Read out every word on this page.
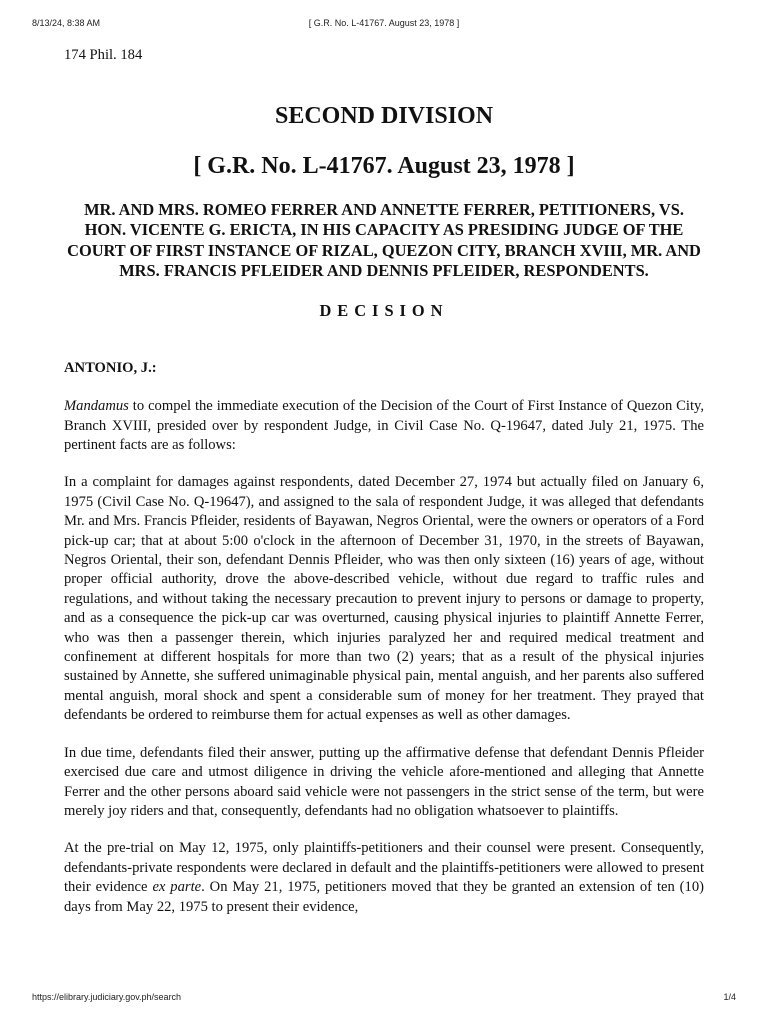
8/13/24, 8:38 AM	[ G.R. No. L-41767. August 23, 1978 ]

174 Phil. 184

SECOND DIVISION
[ G.R. No. L-41767. August 23, 1978 ]
MR. AND MRS. ROMEO FERRER AND ANNETTE FERRER, PETITIONERS, VS. HON. VICENTE G. ERICTA, IN HIS CAPACITY AS PRESIDING JUDGE OF THE COURT OF FIRST INSTANCE OF RIZAL, QUEZON CITY, BRANCH XVIII, MR. AND MRS. FRANCIS PFLEIDER AND DENNIS PFLEIDER, RESPONDENTS.
DECISION

ANTONIO, J.:

Mandamus to compel the immediate execution of the Decision of the Court of First Instance of Quezon City, Branch XVIII, presided over by respondent Judge, in Civil Case No. Q-19647, dated July 21, 1975. The pertinent facts are as follows:

In a complaint for damages against respondents, dated December 27, 1974 but actually filed on January 6, 1975 (Civil Case No. Q-19647), and assigned to the sala of respondent Judge, it was alleged that defendants Mr. and Mrs. Francis Pfleider, residents of Bayawan, Negros Oriental, were the owners or operators of a Ford pick-up car; that at about 5:00 o'clock in the afternoon of December 31, 1970, in the streets of Bayawan, Negros Oriental, their son, defendant Dennis Pfleider, who was then only sixteen (16) years of age, without proper official authority, drove the above-described vehicle, without due regard to traffic rules and regulations, and without taking the necessary precaution to prevent injury to persons or damage to property, and as a consequence the pick-up car was overturned, causing physical injuries to plaintiff Annette Ferrer, who was then a passenger therein, which injuries paralyzed her and required medical treatment and confinement at different hospitals for more than two (2) years; that as a result of the physical injuries sustained by Annette, she suffered unimaginable physical pain, mental anguish, and her parents also suffered mental anguish, moral shock and spent a considerable sum of money for her treatment. They prayed that defendants be ordered to reimburse them for actual expenses as well as other damages.

In due time, defendants filed their answer, putting up the affirmative defense that defendant Dennis Pfleider exercised due care and utmost diligence in driving the vehicle afore-mentioned and alleging that Annette Ferrer and the other persons aboard said vehicle were not passengers in the strict sense of the term, but were merely joy riders and that, consequently, defendants had no obligation whatsoever to plaintiffs.

At the pre-trial on May 12, 1975, only plaintiffs-petitioners and their counsel were present. Consequently, defendants-private respondents were declared in default and the plaintiffs-petitioners were allowed to present their evidence ex parte. On May 21, 1975, petitioners moved that they be granted an extension of ten (10) days from May 22, 1975 to present their evidence,

https://elibrary.judiciary.gov.ph/search	1/4
